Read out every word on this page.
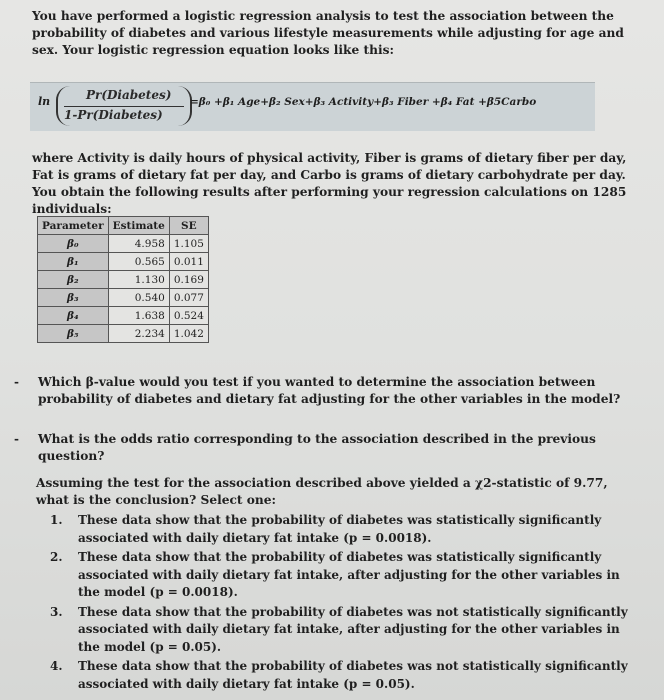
You have performed a logistic regression analysis to test the association between the probability of diabetes and various lifestyle measurements while adjusting for age and sex. Your logistic regression equation looks like this:
ln	Pr(Diabetes)
1-Pr(Diabetes)
=β₀ +β₁ Age+β₂ Sex+β₃ Activity+β₃ Fiber +β₄ Fat +β5Carbo
where Activity is daily hours of physical activity, Fiber is grams of dietary fiber per day, Fat is grams of dietary fat per day, and Carbo is grams of dietary carbohydrate per day. You obtain the following results after performing your regression calculations on 1285 individuals:
Parameter	Estimate	SE
β₀	4.958	1.105
β₁	0.565	0.011
β₂	1.130	0.169
β₃	0.540	0.077
β₄	1.638	0.524
β₅	2.234	1.042
- Which β-value would you test if you wanted to determine the association between probability of diabetes and dietary fat adjusting for the other variables in the model?
- What is the odds ratio corresponding to the association described in the previous question?
Assuming the test for the association described above yielded a χ2-statistic of 9.77, what is the conclusion? Select one:
1. These data show that the probability of diabetes was statistically significantly associated with daily dietary fat intake (p = 0.0018).
2. These data show that the probability of diabetes was statistically significantly associated with daily dietary fat intake, after adjusting for the other variables in the model (p = 0.0018).
3. These data show that the probability of diabetes was not statistically significantly associated with daily dietary fat intake, after adjusting for the other variables in the model (p = 0.05).
4. These data show that the probability of diabetes was not statistically significantly associated with daily dietary fat intake (p = 0.05).
